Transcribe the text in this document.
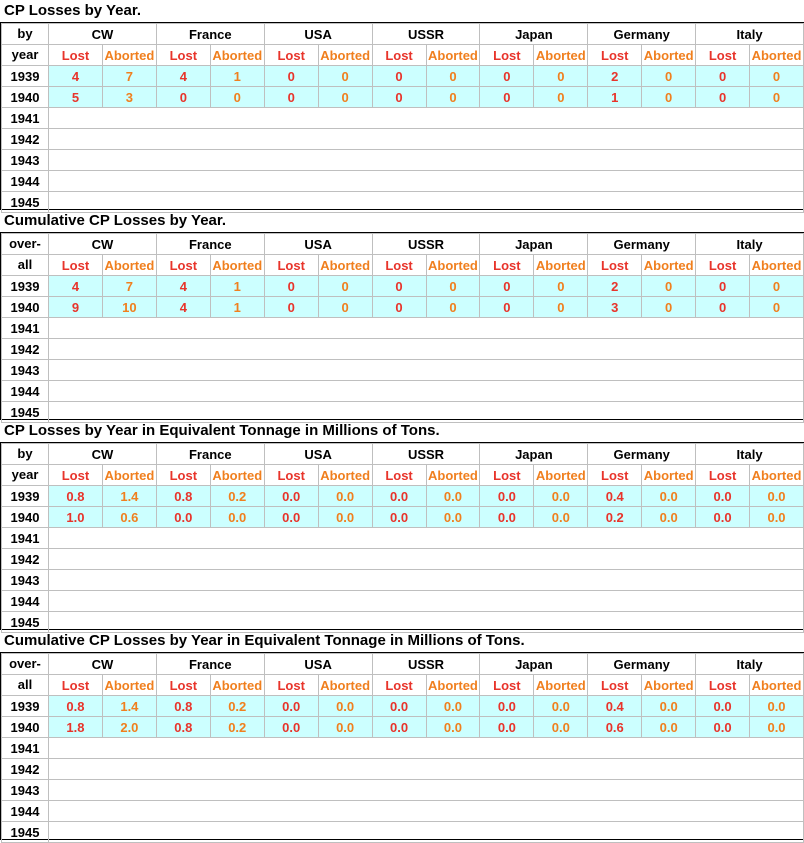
CP Losses by Year.
by	CW		France		USA		USSR		Japan		Germany		Italy	
year	Lost	Aborted	Lost	Aborted	Lost	Aborted	Lost	Aborted	Lost	Aborted	Lost	Aborted	Lost	Aborted
1939	4	7	4	1	0	0	0	0	0	0	2	0	0	0
1940	5	3	0	0	0	0	0	0	0	0	1	0	0	0
1941														
1942														
1943														
1944														
1945														
Cumulative CP Losses by Year.
over-	CW		France		USA		USSR		Japan		Germany		Italy	
all	Lost	Aborted	Lost	Aborted	Lost	Aborted	Lost	Aborted	Lost	Aborted	Lost	Aborted	Lost	Aborted
1939	4	7	4	1	0	0	0	0	0	0	2	0	0	0
1940	9	10	4	1	0	0	0	0	0	0	3	0	0	0
1941														
1942														
1943														
1944														
1945														
CP Losses by Year in Equivalent Tonnage in Millions of Tons.
by	CW		France		USA		USSR		Japan		Germany		Italy	
year	Lost	Aborted	Lost	Aborted	Lost	Aborted	Lost	Aborted	Lost	Aborted	Lost	Aborted	Lost	Aborted
1939	0.8	1.4	0.8	0.2	0.0	0.0	0.0	0.0	0.0	0.0	0.4	0.0	0.0	0.0
1940	1.0	0.6	0.0	0.0	0.0	0.0	0.0	0.0	0.0	0.0	0.2	0.0	0.0	0.0
1941														
1942														
1943														
1944														
1945														
Cumulative CP Losses by Year in Equivalent Tonnage in Millions of Tons.
over-	CW		France		USA		USSR		Japan		Germany		Italy	
all	Lost	Aborted	Lost	Aborted	Lost	Aborted	Lost	Aborted	Lost	Aborted	Lost	Aborted	Lost	Aborted
1939	0.8	1.4	0.8	0.2	0.0	0.0	0.0	0.0	0.0	0.0	0.4	0.0	0.0	0.0
1940	1.8	2.0	0.8	0.2	0.0	0.0	0.0	0.0	0.0	0.0	0.6	0.0	0.0	0.0
1941														
1942														
1943														
1944														
1945														
